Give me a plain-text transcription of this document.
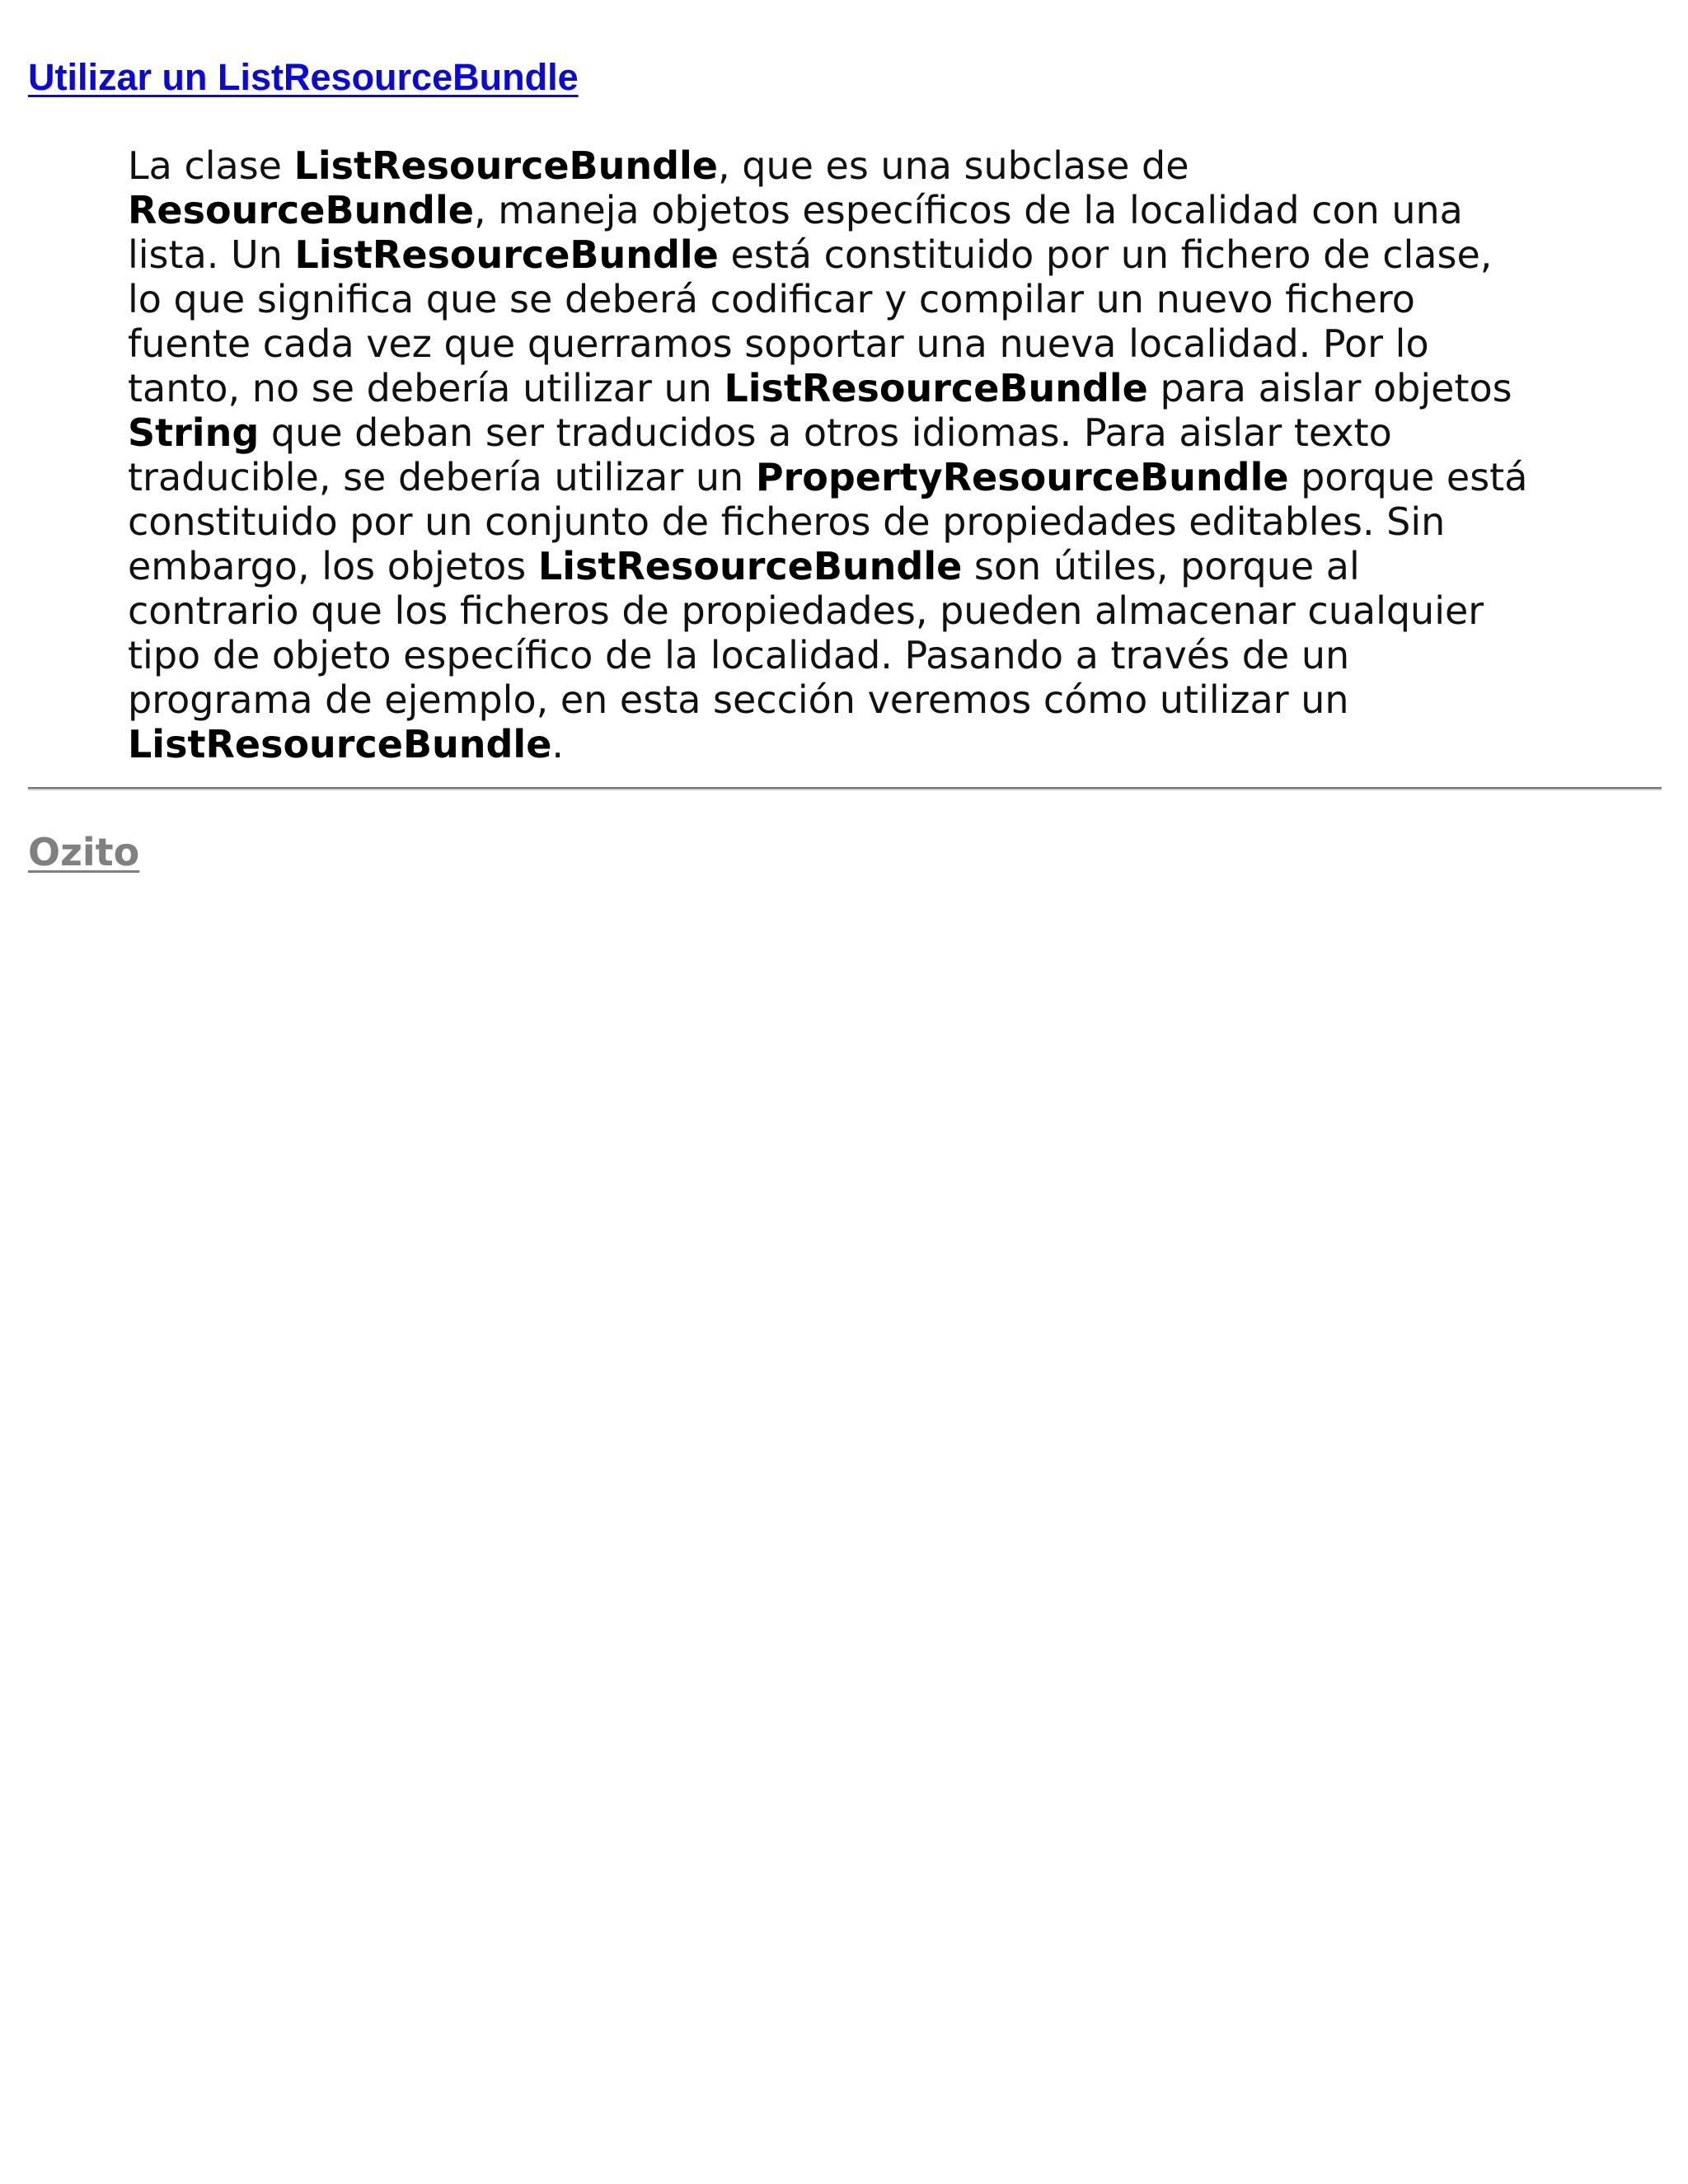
Utilizar un ListResourceBundle
La clase ListResourceBundle, que es una subclase de
ResourceBundle, maneja objetos específicos de la localidad con una
lista. Un ListResourceBundle está constituido por un fichero de clase,
lo que significa que se deberá codificar y compilar un nuevo fichero
fuente cada vez que querramos soportar una nueva localidad. Por lo
tanto, no se debería utilizar un ListResourceBundle para aislar objetos
String que deban ser traducidos a otros idiomas. Para aislar texto
traducible, se debería utilizar un PropertyResourceBundle porque está
constituido por un conjunto de ficheros de propiedades editables. Sin
embargo, los objetos ListResourceBundle son útiles, porque al
contrario que los ficheros de propiedades, pueden almacenar cualquier
tipo de objeto específico de la localidad. Pasando a través de un
programa de ejemplo, en esta sección veremos cómo utilizar un
ListResourceBundle.
Ozito
